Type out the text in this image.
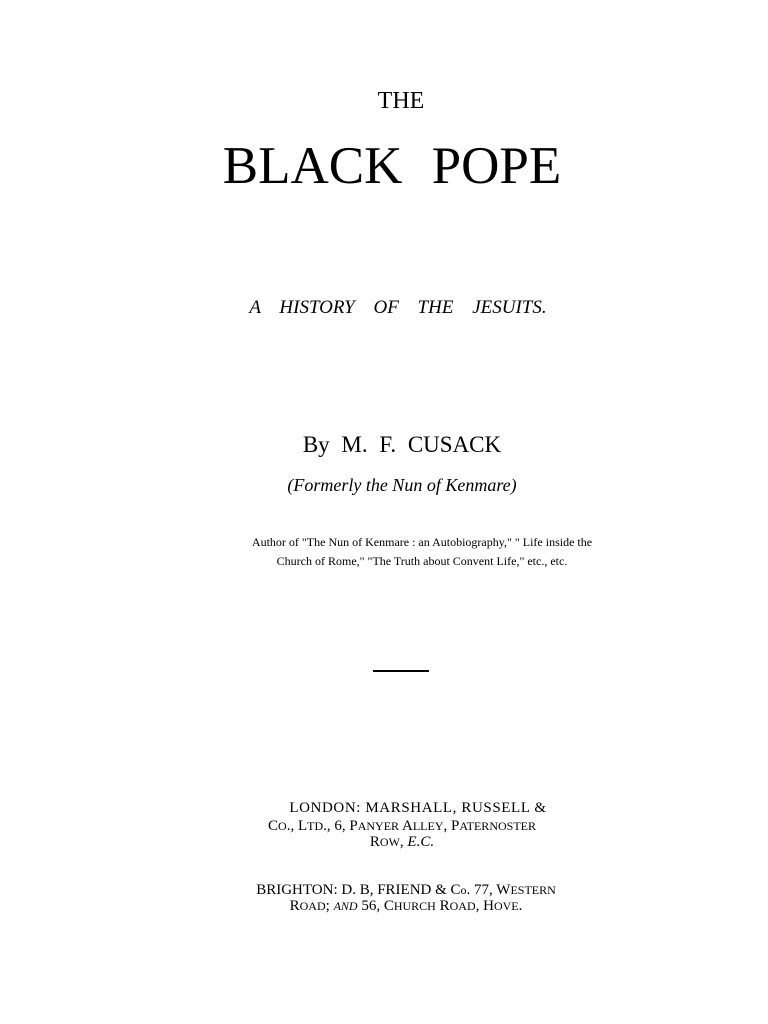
THE
BLACK POPE
A HISTORY OF THE JESUITS.
By M. F. CUSACK
(Formerly the Nun of Kenmare)
Author of "The Nun of Kenmare : an Autobiography," " Life inside the
Church of Rome," "The Truth about Convent Life," etc., etc.
LONDON: MARSHALL, RUSSELL &
CO., LTD., 6, PANYER ALLEY, PATERNOSTER
ROW, E.C.
BRIGHTON: D. B, FRIEND & Co. 77, WESTERN
ROAD; AND 56, CHURCH ROAD, HOVE.
